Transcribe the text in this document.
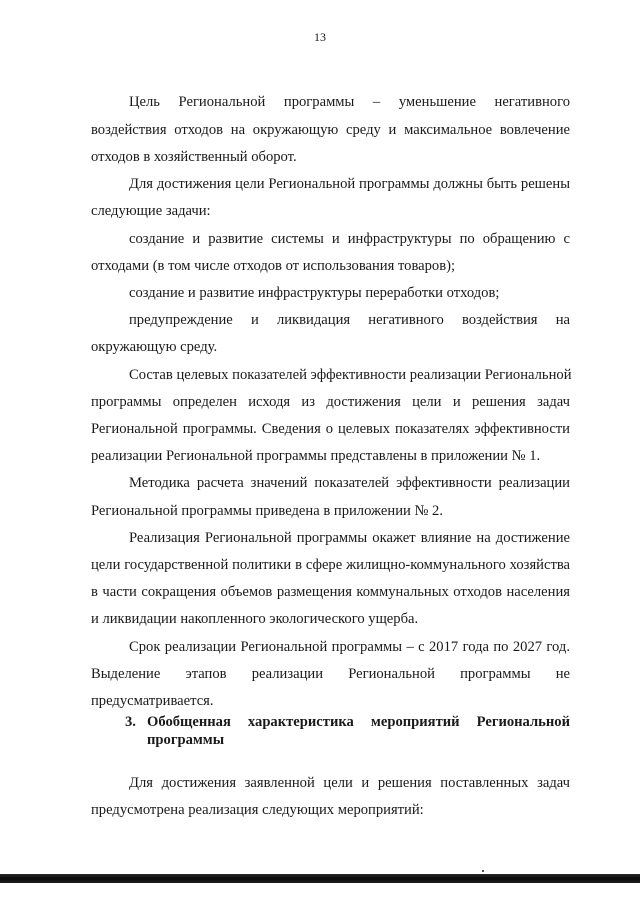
13
Цель Региональной программы – уменьшение негативного
воздействия отходов на окружающую среду и максимальное вовлечение
отходов в хозяйственный оборот.
Для достижения цели Региональной программы должны быть решены
следующие задачи:
создание и развитие системы и инфраструктуры по обращению с
отходами (в том числе отходов от использования товаров);
создание и развитие инфраструктуры переработки отходов;
предупреждение и ликвидация негативного воздействия на
окружающую среду.
Состав целевых показателей эффективности реализации Региональной
программы определен исходя из достижения цели и решения задач
Региональной программы. Сведения о целевых показателях эффективности
реализации Региональной программы представлены в приложении № 1.
Методика расчета значений показателей эффективности реализации
Региональной программы приведена в приложении № 2.
Реализация Региональной программы окажет влияние на достижение
цели государственной политики в сфере жилищно-коммунального хозяйства
в части сокращения объемов размещения коммунальных отходов населения
и ликвидации накопленного экологического ущерба.
Срок реализации Региональной программы – с 2017 года по 2027 год.
Выделение этапов реализации Региональной программы не
предусматривается.
3. Обобщенная характеристика мероприятий Региональной
программы
Для достижения заявленной цели и решения поставленных задач
предусмотрена реализация следующих мероприятий:
